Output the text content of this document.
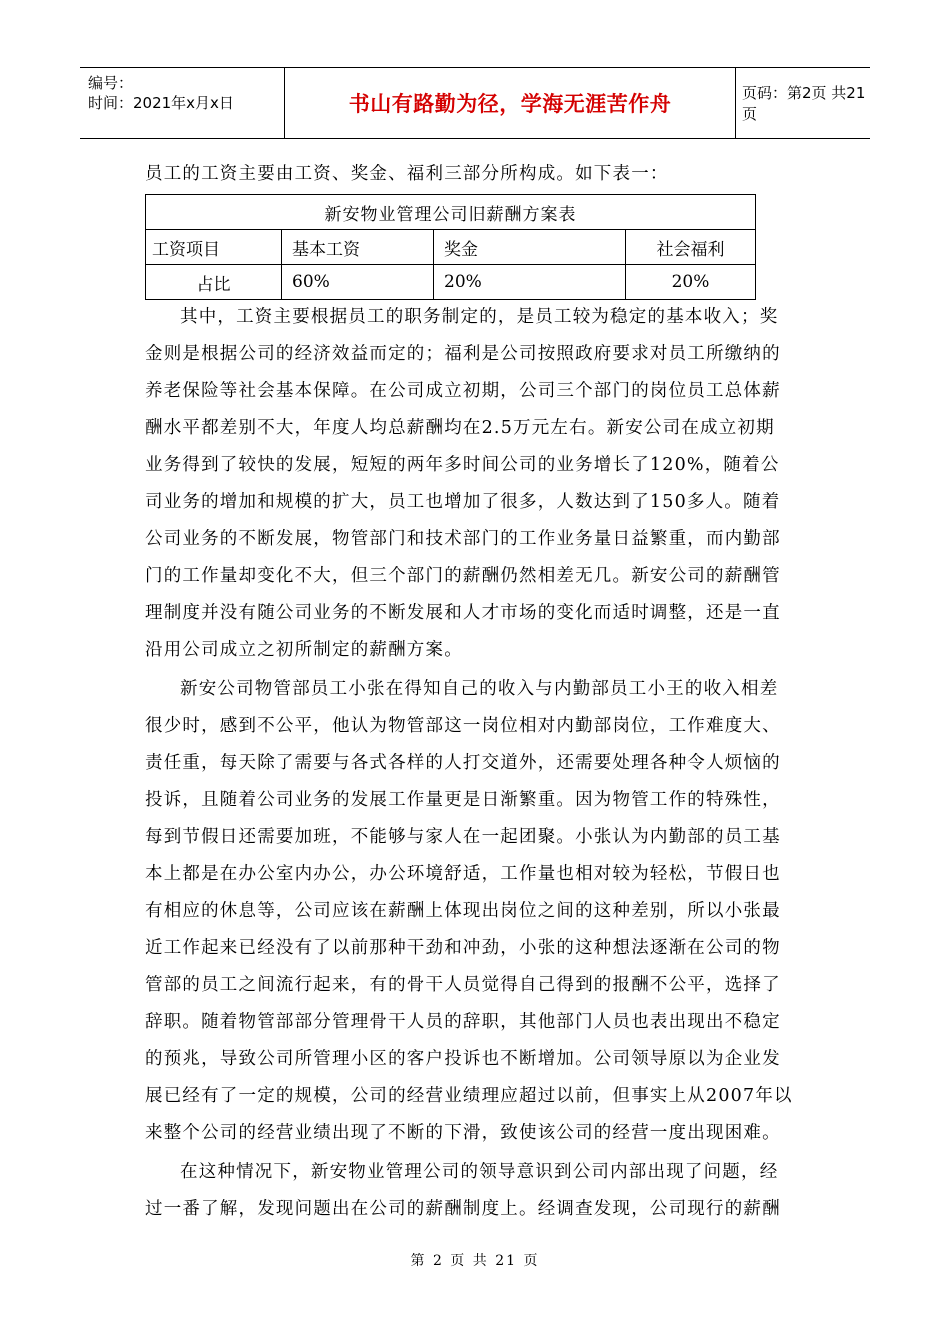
编号：
时间：2021年x月x日	书山有路勤为径，学海无涯苦作舟	页码：第2页 共21页
员工的工资主要由工资、奖金、福利三部分所构成。如下表一：
新安物业管理公司旧薪酬方案表			
工资项目	基本工资	奖金	社会福利
占比	60%	20%	20%
其中，工资主要根据员工的职务制定的，是员工较为稳定的基本收入；奖
金则是根据公司的经济效益而定的；福利是公司按照政府要求对员工所缴纳的
养老保险等社会基本保障。在公司成立初期，公司三个部门的岗位员工总体薪
酬水平都差别不大，年度人均总薪酬均在2.5万元左右。新安公司在成立初期
业务得到了较快的发展，短短的两年多时间公司的业务增长了120%，随着公
司业务的增加和规模的扩大，员工也增加了很多，人数达到了150多人。随着
公司业务的不断发展，物管部门和技术部门的工作业务量日益繁重，而内勤部
门的工作量却变化不大，但三个部门的薪酬仍然相差无几。新安公司的薪酬管
理制度并没有随公司业务的不断发展和人才市场的变化而适时调整，还是一直
沿用公司成立之初所制定的薪酬方案。
新安公司物管部员工小张在得知自己的收入与内勤部员工小王的收入相差
很少时，感到不公平，他认为物管部这一岗位相对内勤部岗位，工作难度大、
责任重，每天除了需要与各式各样的人打交道外，还需要处理各种令人烦恼的
投诉，且随着公司业务的发展工作量更是日渐繁重。因为物管工作的特殊性，
每到节假日还需要加班，不能够与家人在一起团聚。小张认为内勤部的员工基
本上都是在办公室内办公，办公环境舒适，工作量也相对较为轻松，节假日也
有相应的休息等，公司应该在薪酬上体现出岗位之间的这种差别，所以小张最
近工作起来已经没有了以前那种干劲和冲劲，小张的这种想法逐渐在公司的物
管部的员工之间流行起来，有的骨干人员觉得自己得到的报酬不公平，选择了
辞职。随着物管部部分管理骨干人员的辞职，其他部门人员也表出现出不稳定
的预兆，导致公司所管理小区的客户投诉也不断增加。公司领导原以为企业发
展已经有了一定的规模，公司的经营业绩理应超过以前，但事实上从2007年以
来整个公司的经营业绩出现了不断的下滑，致使该公司的经营一度出现困难。
在这种情况下，新安物业管理公司的领导意识到公司内部出现了问题，经
过一番了解，发现问题出在公司的薪酬制度上。经调查发现，公司现行的薪酬
第 2 页 共 21 页
